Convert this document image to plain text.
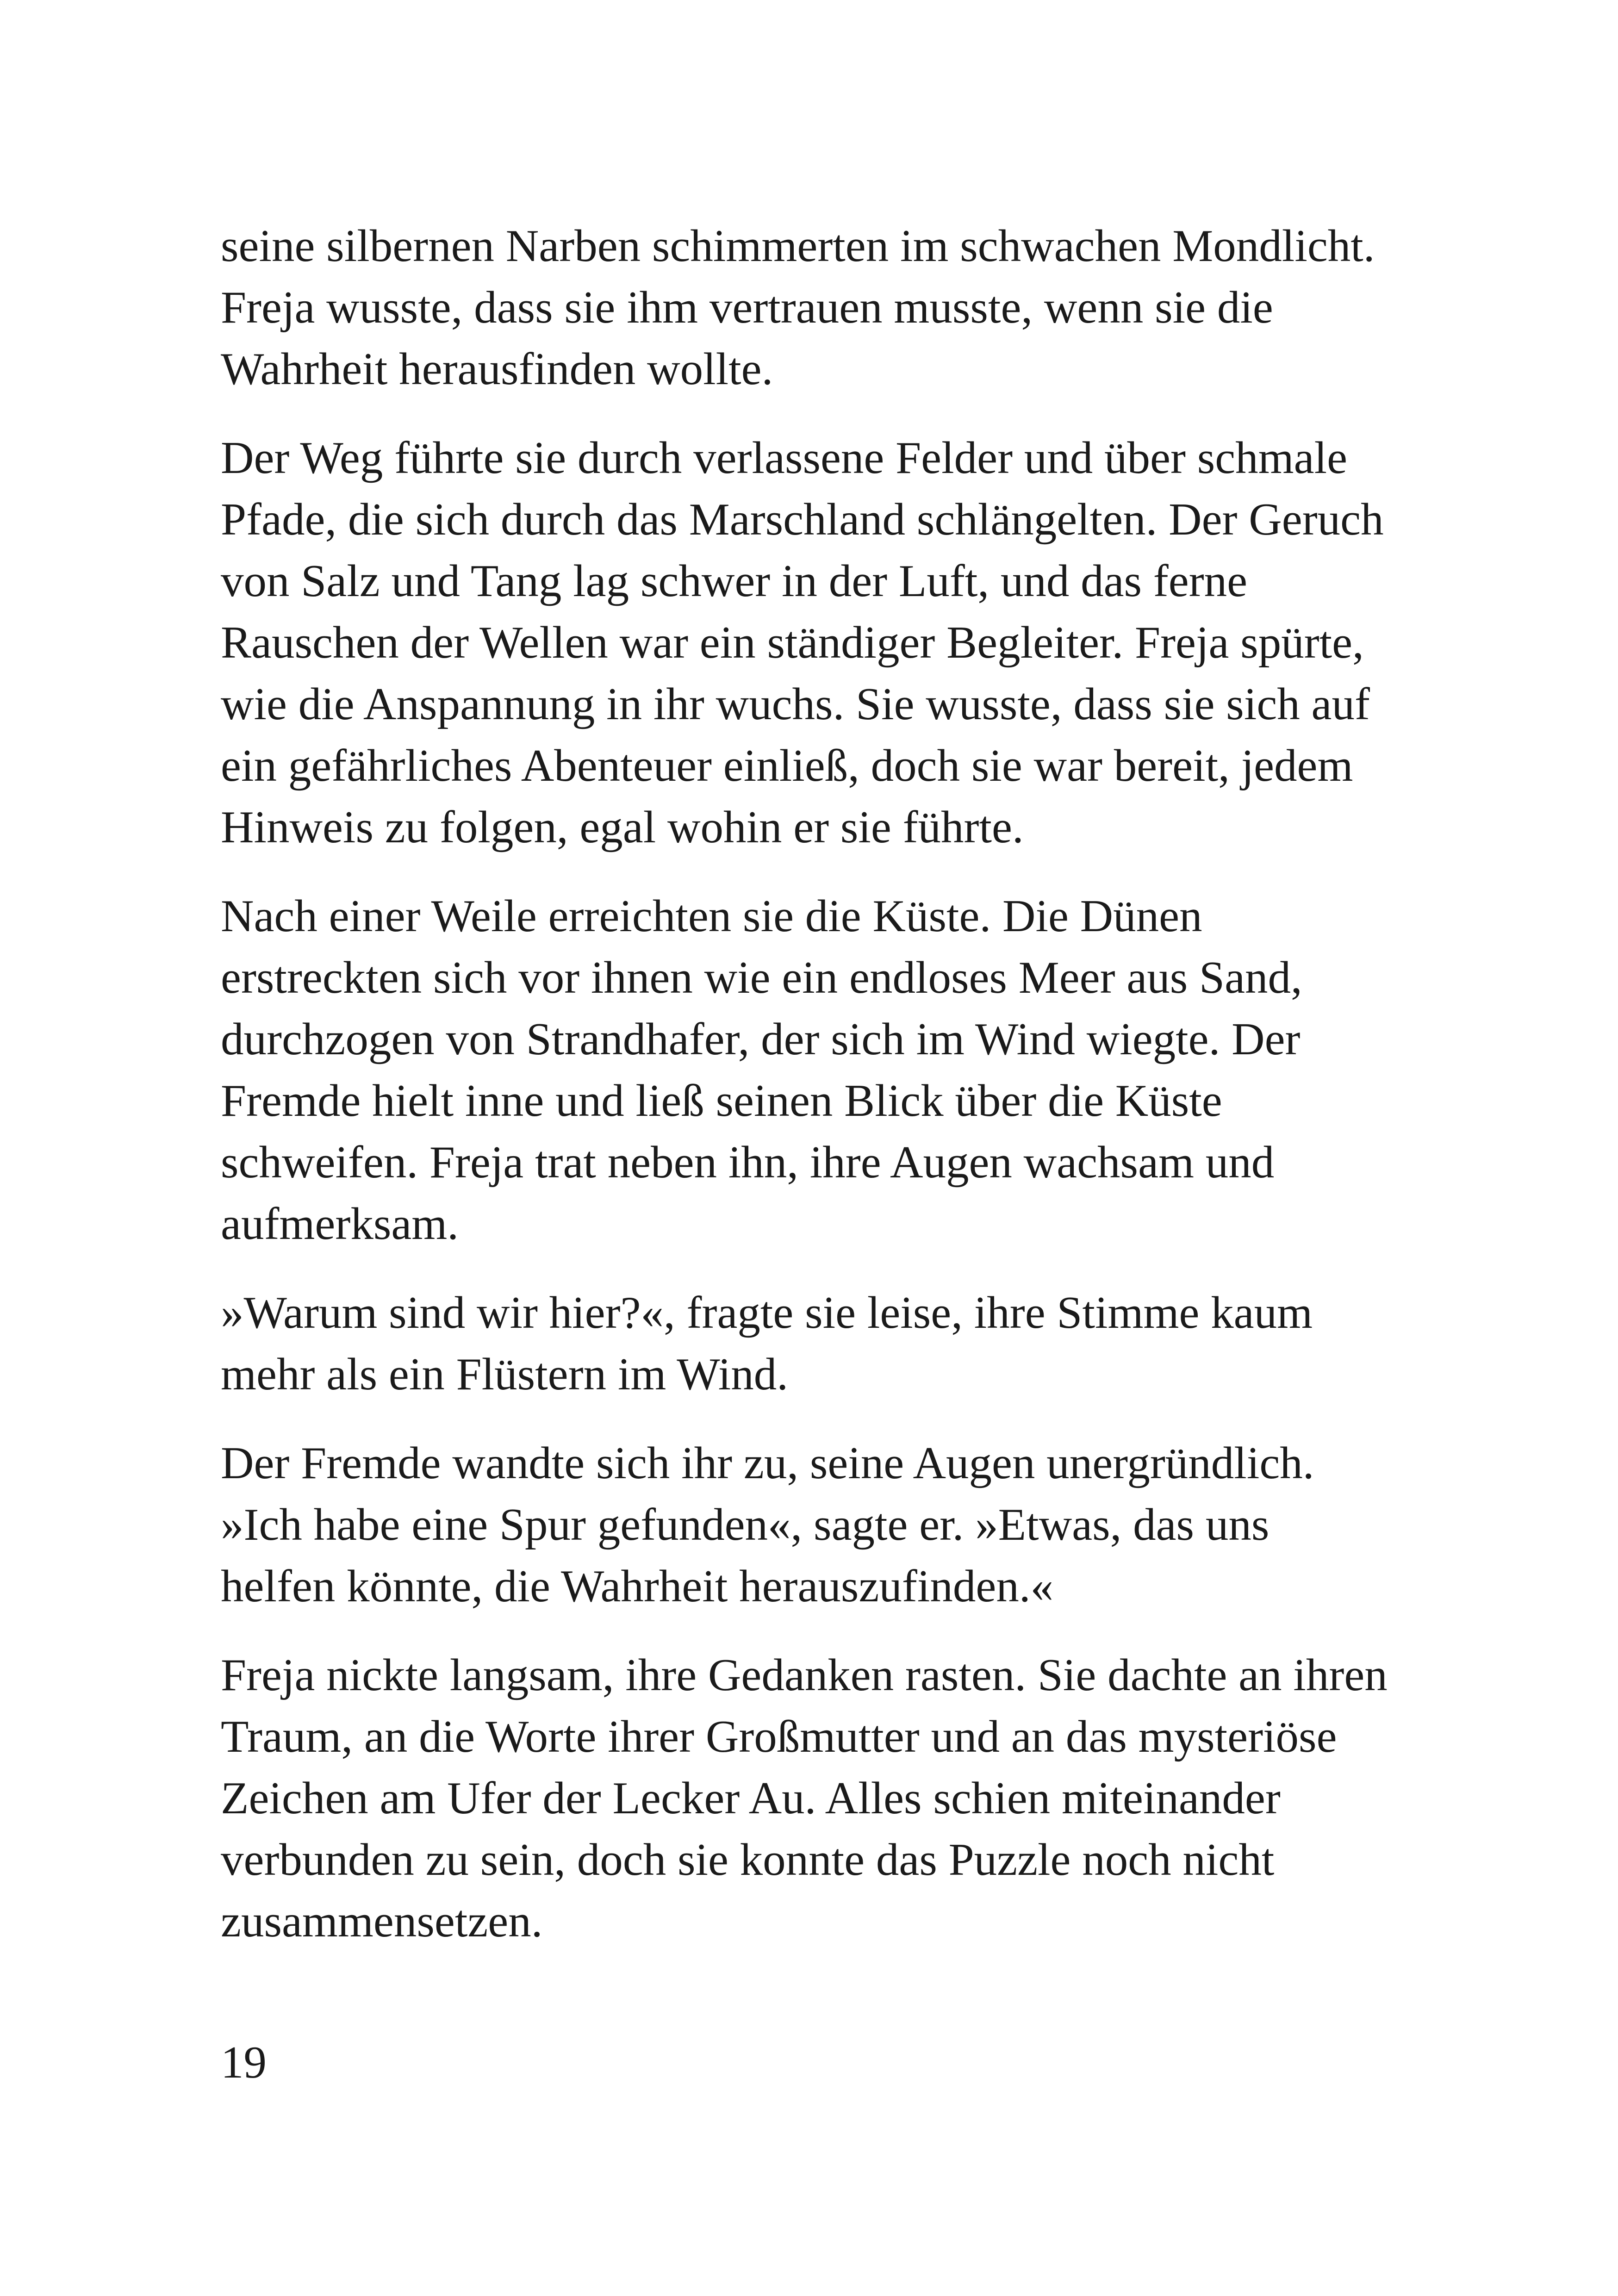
seine silbernen Narben schimmerten im schwachen Mondlicht.
Freja wusste, dass sie ihm vertrauen musste, wenn sie die
Wahrheit herausfinden wollte.

Der Weg führte sie durch verlassene Felder und über schmale
Pfade, die sich durch das Marschland schlängelten. Der Geruch
von Salz und Tang lag schwer in der Luft, und das ferne
Rauschen der Wellen war ein ständiger Begleiter. Freja spürte,
wie die Anspannung in ihr wuchs. Sie wusste, dass sie sich auf
ein gefährliches Abenteuer einließ, doch sie war bereit, jedem
Hinweis zu folgen, egal wohin er sie führte.

Nach einer Weile erreichten sie die Küste. Die Dünen
erstreckten sich vor ihnen wie ein endloses Meer aus Sand,
durchzogen von Strandhafer, der sich im Wind wiegte. Der
Fremde hielt inne und ließ seinen Blick über die Küste
schweifen. Freja trat neben ihn, ihre Augen wachsam und
aufmerksam.

»Warum sind wir hier?«, fragte sie leise, ihre Stimme kaum
mehr als ein Flüstern im Wind.

Der Fremde wandte sich ihr zu, seine Augen unergründlich.
»Ich habe eine Spur gefunden«, sagte er. »Etwas, das uns
helfen könnte, die Wahrheit herauszufinden.«

Freja nickte langsam, ihre Gedanken rasten. Sie dachte an ihren
Traum, an die Worte ihrer Großmutter und an das mysteriöse
Zeichen am Ufer der Lecker Au. Alles schien miteinander
verbunden zu sein, doch sie konnte das Puzzle noch nicht
zusammensetzen.

19
